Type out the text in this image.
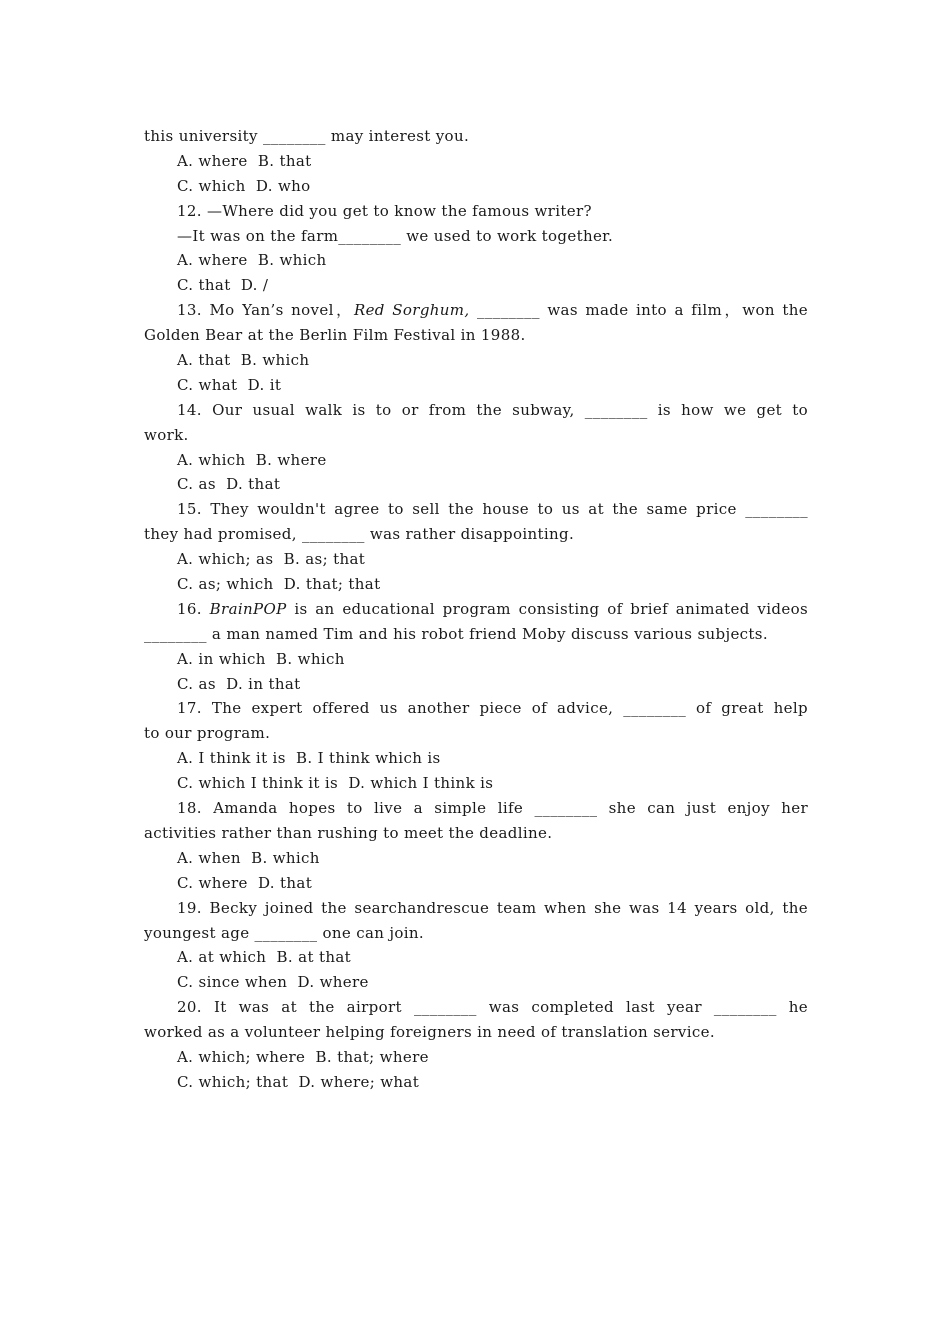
this university ________ may interest you.
A. where  B. that
C. which  D. who
12. —Where did you get to know the famous writer?
—It was on the farm________ we used to work together.
A. where  B. which
C. that  D. /
13. Mo Yan’s novel，Red Sorghum, ________ was made into a film，won the
Golden Bear at the Berlin Film Festival in 1988.
A. that  B. which
C. what  D. it
14. Our usual walk is to or from the subway, ________ is how we get to
work.
A. which  B. where
C. as  D. that
15. They wouldn't agree to sell the house to us at the same price ________
they had promised, ________ was rather disappointing.
A. which; as  B. as; that
C. as; which  D. that; that
16. BrainPOP is an educational program consisting of brief animated videos
________ a man named Tim and his robot friend Moby discuss various subjects.
A. in which  B. which
C. as  D. in that
17. The expert offered us another piece of advice, ________ of great help
to our program.
A. I think it is  B. I think which is
C. which I think it is  D. which I think is
18. Amanda hopes to live a simple life ________ she can just enjoy her
activities rather than rushing to meet the deadline.
A. when  B. which
C. where  D. that
19. Becky joined the searchandrescue team when she was 14 years old, the
youngest age ________ one can join.
A. at which  B. at that
C. since when  D. where
20. It was at the airport ________ was completed last year ________ he
worked as a volunteer helping foreigners in need of translation service.
A. which; where  B. that; where
C. which; that  D. where; what
